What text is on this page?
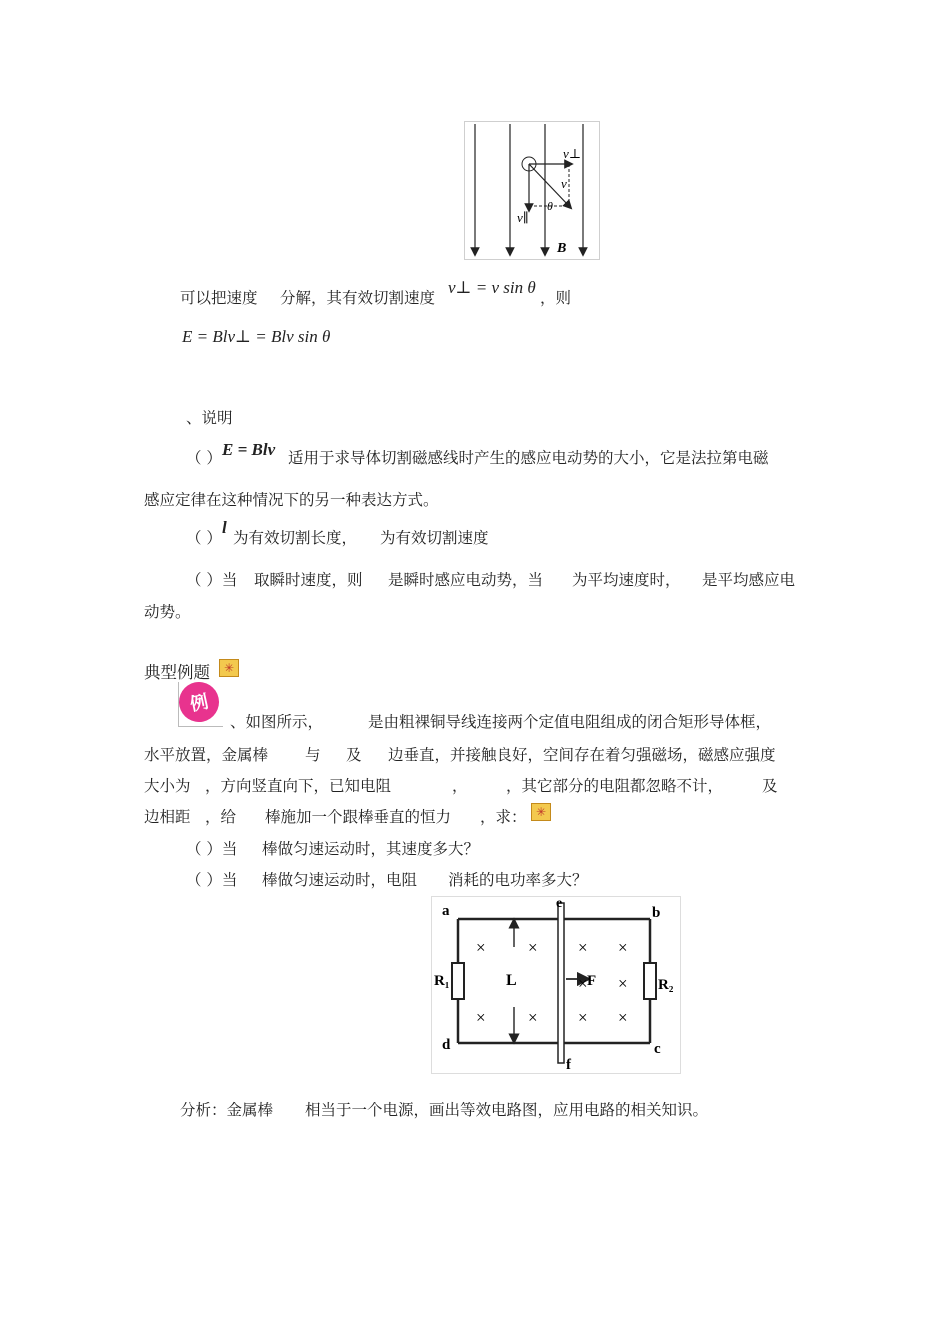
v⊥
v
v∥
θ
B
可以把速度 分解，其有效切割速度
v⊥ = v sin θ
，则
E = Blv⊥ = Blv sin θ
、说明
（ ） E = Blv 适用于求导体切割磁感线时产生的感应电动势的大小，它是法拉第电磁
感应定律在这种情况下的另一种表达方式。
（ ）
l
为有效切割长度， 为有效切割速度
（ ）当 取瞬时速度，则 是瞬时感应电动势，当 为平均速度时， 是平均感应电
动势。
典型例题	✳
例
、如图所示，	是由粗裸铜导线连接两个定值电阻组成的闭合矩形导体框，
水平放置，金属棒 与 及 边垂直，并接触良好，空间存在着匀强磁场，磁感应强度
大小为 ，方向竖直向下，已知电阻	， ，其它部分的电阻都忽略不计，	及
边相距 ，给 棒施加一个跟棒垂直的恒力 ，求： ✳
（ ）当 棒做匀速运动时，其速度多大？
（ ）当 棒做匀速运动时，电阻 消耗的电功率多大？
a	b
c
d
e
f
R₁	R₂
L	F
× × × ×
× × × ×
× ×
分析：金属棒 相当于一个电源，画出等效电路图，应用电路的相关知识。
